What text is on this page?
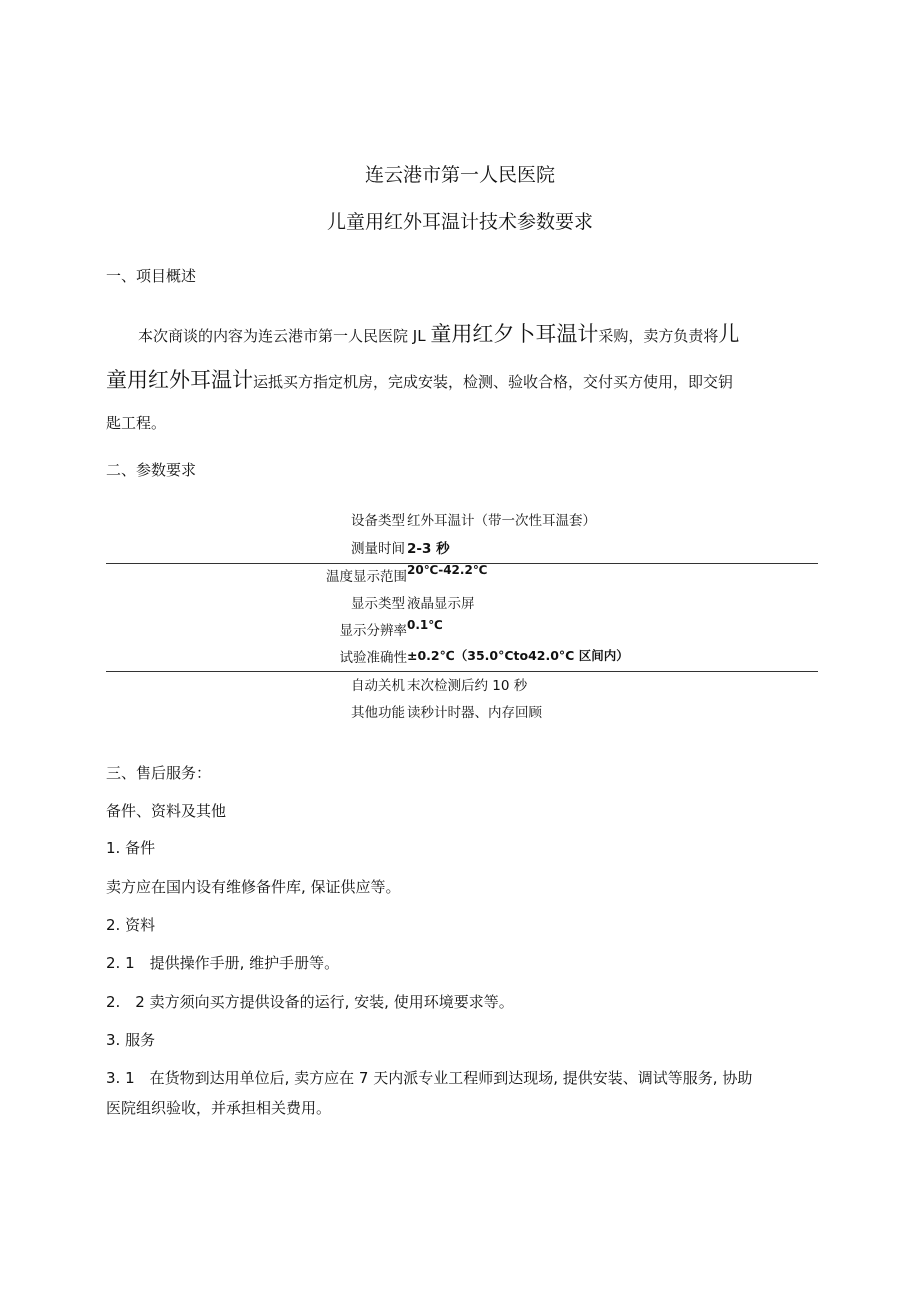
连云港市第一人民医院
儿童用红外耳温计技术参数要求
一、项目概述
本次商谈的内容为连云港市第一人民医院 JL 童用红夕卜耳温计采购，卖方负责将儿
童用红外耳温计运抵买方指定机房，完成安装，检测、验收合格，交付买方使用，即交钥
匙工程。
二、参数要求
设备类型 红外耳温计（带一次性耳温套）
测量时间 2-3 秒
温度显示范围 20℃-42.2℃
显示类型 液晶显示屏
显示分辨率 0.1℃
试验准确性 ±0.2℃（35.0°Cto42.0°C 区间内）
自动关机 末次检测后约 10 秒
其他功能 读秒计时器、内存回顾
三、售后服务：
备件、资料及其他
1. 备件
卖方应在国内设有维修备件库, 保证供应等。
2. 资料
2. 1　提供操作手册, 维护手册等。
2.　2 卖方须向买方提供设备的运行, 安装, 使用环境要求等。
3. 服务
3. 1　在货物到达用单位后, 卖方应在 7 天内派专业工程师到达现场, 提供安装、调试等服务, 协助
医院组织验收，并承担相关费用。
